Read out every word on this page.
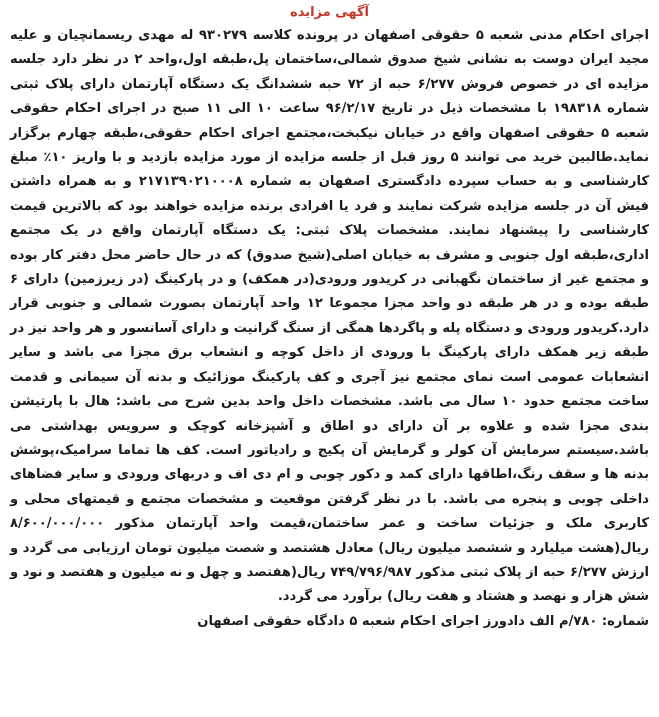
آگهی مزایده

اجرای احکام مدنی شعبه ۵ حقوقی اصفهان در پرونده کلاسه ۹۳۰۲۷۹ له مهدی ریسمانچیان و علیه مجید ایران دوست به نشانی شیخ صدوق شمالی،ساختمان پل،طبقه اول،واحد ۲ در نظر دارد جلسه مزایده ای در خصوص فروش ۶/۲۷۷ حبه از ۷۲ حبه ششدانگ یک دستگاه آپارتمان دارای پلاک ثبتی شماره ۱۹۸۳۱۸ با مشخصات ذیل در تاریخ ۹۶/۲/۱۷ ساعت ۱۰ الی ۱۱ صبح در اجرای احکام حقوقی شعبه ۵ حقوقی اصفهان واقع در خیابان نیکبخت،مجتمع اجرای احکام حقوقی،طبقه چهارم برگزار نماید.طالبین خرید می توانند ۵ روز قبل از جلسه مزایده از مورد مزایده بازدید و با واریز ۱۰٪ مبلغ کارشناسی و به حساب سپرده دادگستری اصفهان به شماره ۲۱۷۱۳۹۰۲۱۰۰۰۸ و به همراه داشتن فیش آن در جلسه مزایده شرکت نمایند و فرد یا افرادی برنده مزایده خواهند بود که بالاترین قیمت کارشناسی را پیشنهاد نمایند. مشخصات پلاک ثبتی: یک دستگاه آپارتمان واقع در یک مجتمع اداری،طبقه اول جنوبی و مشرف به خیابان اصلی(شیخ صدوق) که در حال حاضر محل دفتر کار بوده و مجتمع غیر از ساختمان نگهبانی در کریدور ورودی(در همکف) و در پارکینگ (در زیرزمین) دارای ۶ طبقه بوده و در هر طبقه دو واحد مجزا مجموعا ۱۲ واحد آپارتمان بصورت شمالی و جنوبی قرار دارد.کریدور ورودی و دستگاه پله و پاگردها همگی از سنگ گرانیت و دارای آسانسور و هر واحد نیز در طبقه زیر همکف دارای پارکینگ با ورودی از داخل کوچه و انشعاب برق مجزا می باشد و سایر انشعابات عمومی است نمای مجتمع نیز آجری و کف پارکینگ موزائیک و بدنه آن سیمانی و قدمت ساخت مجتمع حدود ۱۰ سال می باشد. مشخصات داخل واحد بدین شرح می باشد: هال با پارتیشن بندی مجزا شده و علاوه بر آن دارای دو اطاق و آشپزخانه کوچک و سرویس بهداشتی می باشد.سیستم سرمایش آن کولر و گرمایش آن پکیج و رادیاتور است. کف ها تماما سرامیک،پوشش بدنه ها و سقف رنگ،اطاقها دارای کمد و دکور چوبی و ام دی اف و دربهای ورودی و سایر فضاهای داخلی چوبی و پنجره می باشد. با در نظر گرفتن موقعیت و مشخصات مجتمع و قیمتهای محلی و کاربری ملک و جزئیات ساخت و عمر ساختمان،قیمت واحد آپارتمان مذکور ۸/۶۰۰/۰۰۰/۰۰۰ ریال(هشت میلیارد و ششصد میلیون ریال) معادل هشتصد و شصت میلیون تومان ارزیابی می گردد و ارزش ۶/۲۷۷ حبه از پلاک ثبتی مذکور ۷۴۹/۷۹۶/۹۸۷ ریال(هفتصد و چهل و نه میلیون و هفتصد و نود و شش هزار و نهصد و هشتاد و هفت ریال) برآورد می گردد.

شماره: ۷۸۰/م الف دادورز اجرای احکام شعبه ۵ دادگاه حقوقی اصفهان
